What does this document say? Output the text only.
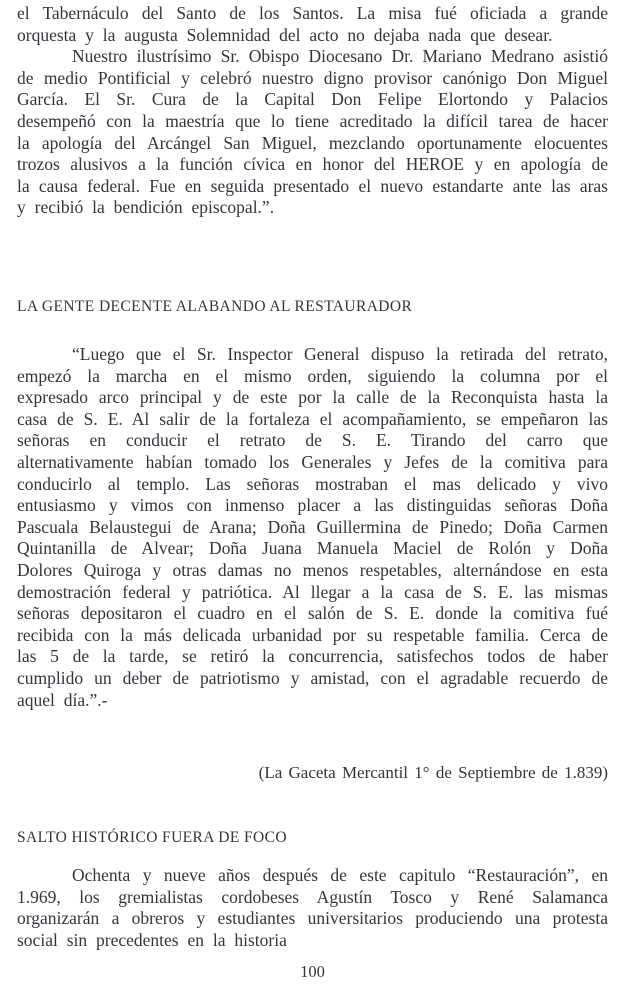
el Tabernáculo del Santo de los Santos. La misa fué oficiada a grande orquesta y la augusta Solemnidad del acto no dejaba nada que desear.

Nuestro ilustrísimo Sr. Obispo Diocesano Dr. Mariano Medrano asistió de medio Pontificial y celebró nuestro digno provisor canónigo Don Miguel García. El Sr. Cura de la Capital Don Felipe Elortondo y Palacios desempeñó con la maestría que lo tiene acreditado la difícil tarea de hacer la apología del Arcángel San Miguel, mezclando oportunamente elocuentes trozos alusivos a la función cívica en honor del HEROE y en apología de la causa federal. Fue en seguida presentado el nuevo estandarte ante las aras y recibió la bendición episcopal.”.

LA GENTE DECENTE ALABANDO AL RESTAURADOR

“Luego que el Sr. Inspector General dispuso la retirada del retrato, empezó la marcha en el mismo orden, siguiendo la columna por el expresado arco principal y de este por la calle de la Reconquista hasta la casa de S. E. Al salir de la fortaleza el acompañamiento, se empeñaron las señoras en conducir el retrato de S. E. Tirando del carro que alternativamente habían tomado los Generales y Jefes de la comitiva para conducirlo al templo. Las señoras mostraban el mas delicado y vivo entusiasmo y vimos con inmenso placer a las distinguidas señoras Doña Pascuala Belaustegui de Arana; Doña Guillermina de Pinedo; Doña Carmen Quintanilla de Alvear; Doña Juana Manuela Maciel de Rolón y Doña Dolores Quiroga y otras damas no menos respetables, alternándose en esta demostración federal y patriótica. Al llegar a la casa de S. E. las mismas señoras depositaron el cuadro en el salón de S. E. donde la comitiva fué recibida con la más delicada urbanidad por su respetable familia. Cerca de las 5 de la tarde, se retiró la concurrencia, satisfechos todos de haber cumplido un deber de patriotismo y amistad, con el agradable recuerdo de aquel día.”.-

(La Gaceta Mercantil 1° de Septiembre de 1.839)

SALTO HISTÓRICO FUERA DE FOCO

Ochenta y nueve años después de este capitulo “Restauración”, en 1.969, los gremialistas cordobeses Agustín Tosco y René Salamanca organizarán a obreros y estudiantes universitarios produciendo una protesta social sin precedentes en la historia

100
